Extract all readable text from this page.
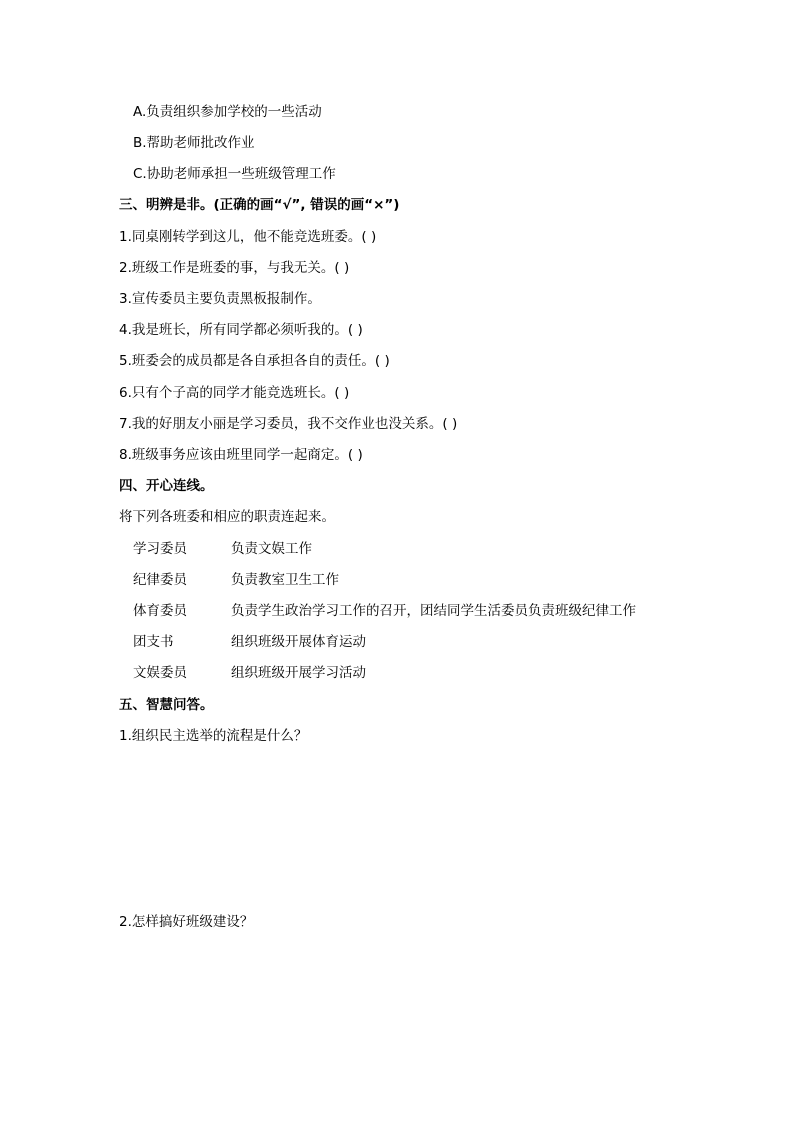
A.负责组织参加学校的一些活动
B.帮助老师批改作业
C.协助老师承担一些班级管理工作
三、明辨是非。(正确的画“√”, 错误的画“×”)
1.同桌刚转学到这儿，他不能竞选班委。( )
2.班级工作是班委的事，与我无关。( )
3.宣传委员主要负责黑板报制作。
4.我是班长，所有同学都必须听我的。( )
5.班委会的成员都是各自承担各自的责任。( )
6.只有个子高的同学才能竞选班长。( )
7.我的好朋友小丽是学习委员，我不交作业也没关系。( )
8.班级事务应该由班里同学一起商定。( )
四、开心连线。
将下列各班委和相应的职责连起来。
学习委员	负责文娱工作
纪律委员	负责教室卫生工作
体育委员	负责学生政治学习工作的召开，团结同学生活委员负责班级纪律工作
团支书	组织班级开展体育运动
文娱委员	组织班级开展学习活动
五、智慧问答。
1.组织民主选举的流程是什么？
2.怎样搞好班级建设？
